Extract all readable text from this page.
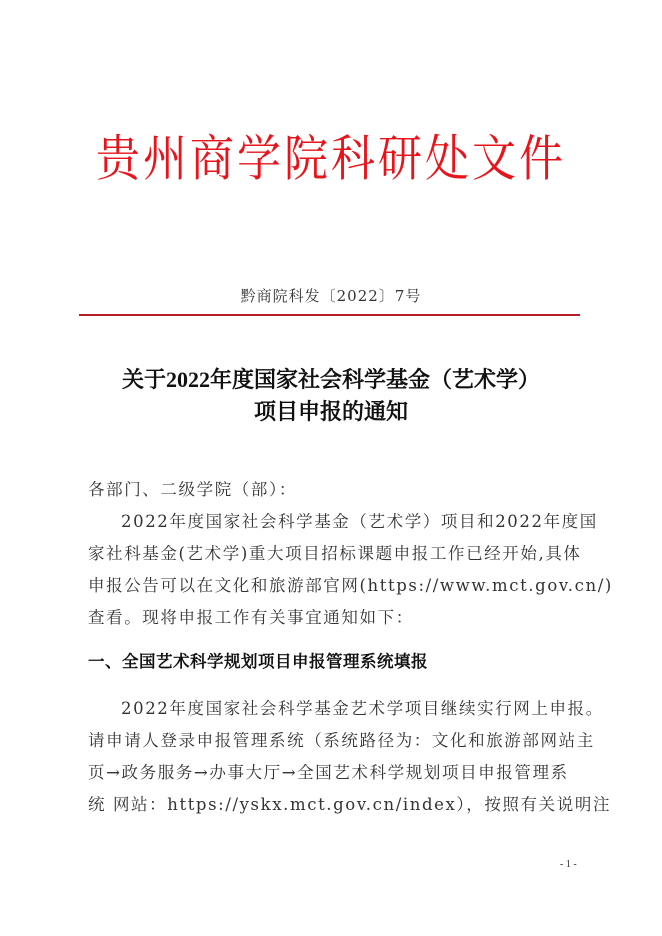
贵州商学院科研处文件
黔商院科发〔2022〕7号
关于2022年度国家社会科学基金（艺术学）
项目申报的通知
各部门、二级学院（部）：
2022年度国家社会科学基金（艺术学）项目和2022年度国
家社科基金(艺术学)重大项目招标课题申报工作已经开始,具体
申报公告可以在文化和旅游部官网(https://www.mct.gov.cn/)
查看。现将申报工作有关事宜通知如下：
一、全国艺术科学规划项目申报管理系统填报
2022年度国家社会科学基金艺术学项目继续实行网上申报。
请申请人登录申报管理系统（系统路径为：文化和旅游部网站主
页→政务服务→办事大厅→全国艺术科学规划项目申报管理系
统 网站：https://yskx.mct.gov.cn/index），按照有关说明注
- 1 -
